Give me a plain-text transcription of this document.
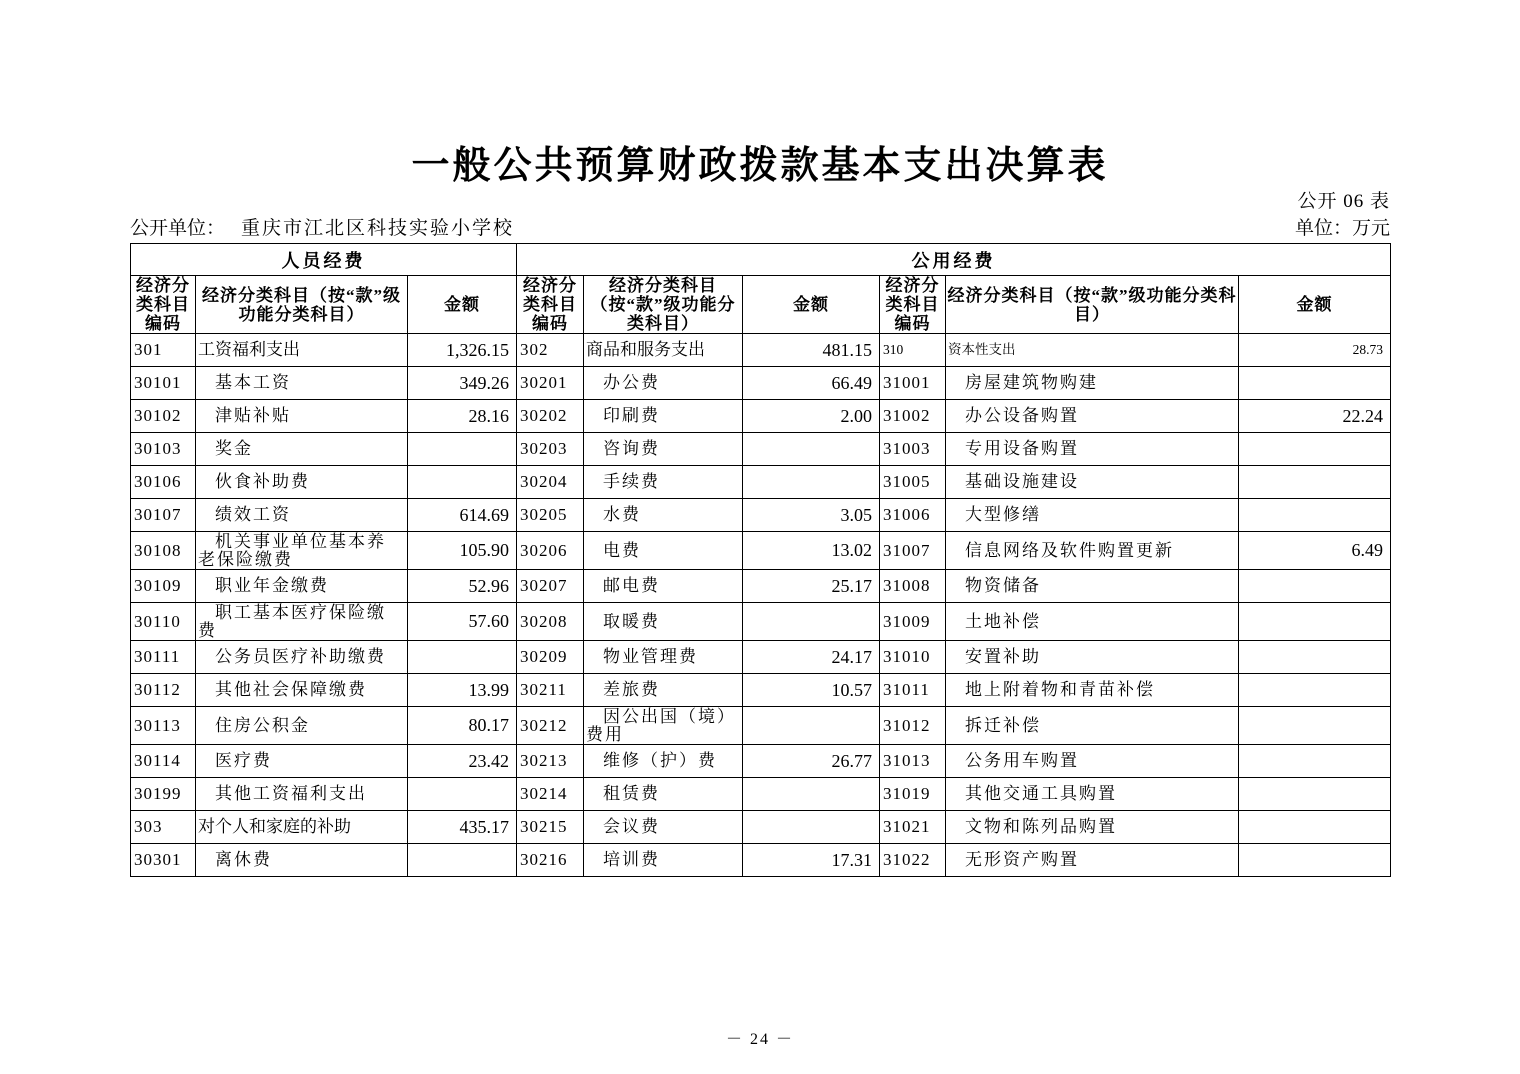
一般公共预算财政拨款基本支出决算表
公开 06 表
公开单位： 重庆市江北区科技实验小学校	单位：万元
人员经费			公用经费					
经济分类科目编码	经济分类科目（按“款”级功能分类科目）	金额	经济分类科目编码	经济分类科目（按“款”级功能分类科目）	金额	经济分类科目编码	经济分类科目（按“款”级功能分类科目）	金额
301	工资福利支出	1,326.15	302	商品和服务支出	481.15	310	资本性支出	28.73
30101	基本工资	349.26	30201	办公费	66.49	31001	房屋建筑物购建	
30102	津贴补贴	28.16	30202	印刷费	2.00	31002	办公设备购置	22.24
30103	奖金		30203	咨询费		31003	专用设备购置	
30106	伙食补助费		30204	手续费		31005	基础设施建设	
30107	绩效工资	614.69	30205	水费	3.05	31006	大型修缮	
30108	机关事业单位基本养老保险缴费	105.90	30206	电费	13.02	31007	信息网络及软件购置更新	6.49
30109	职业年金缴费	52.96	30207	邮电费	25.17	31008	物资储备	
30110	职工基本医疗保险缴费	57.60	30208	取暖费		31009	土地补偿	
30111	公务员医疗补助缴费		30209	物业管理费	24.17	31010	安置补助	
30112	其他社会保障缴费	13.99	30211	差旅费	10.57	31011	地上附着物和青苗补偿	
30113	住房公积金	80.17	30212	因公出国（境）费用		31012	拆迁补偿	
30114	医疗费	23.42	30213	维修（护）费	26.77	31013	公务用车购置	
30199	其他工资福利支出		30214	租赁费		31019	其他交通工具购置	
303	对个人和家庭的补助	435.17	30215	会议费		31021	文物和陈列品购置	
30301	离休费		30216	培训费	17.31	31022	无形资产购置	
－ 24 －
